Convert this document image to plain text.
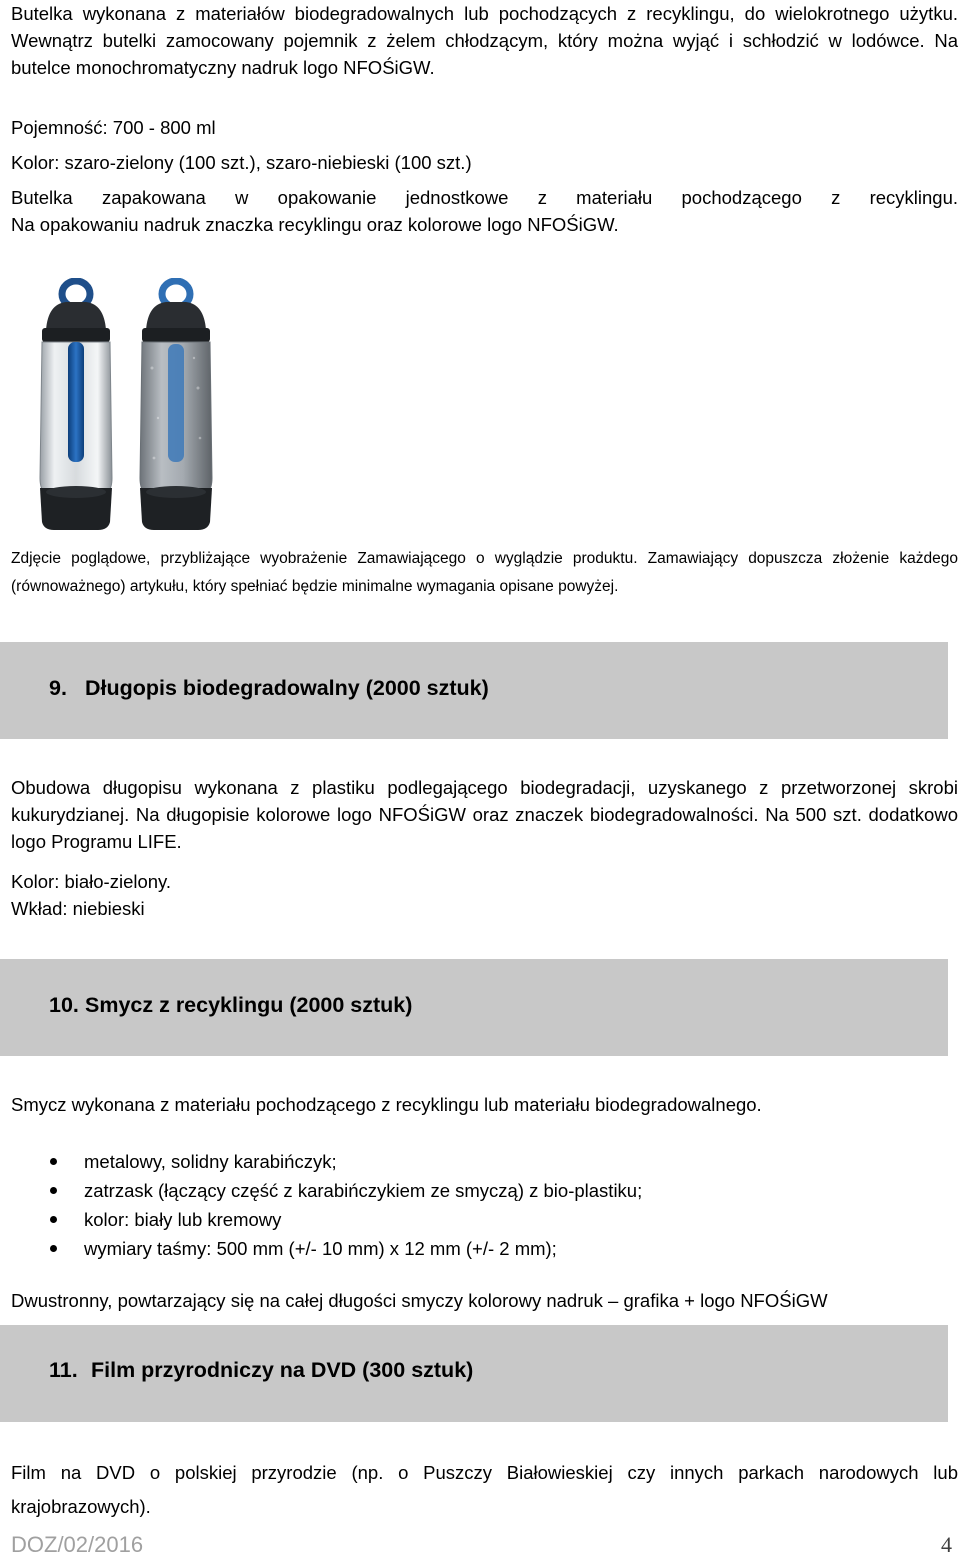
Butelka wykonana z materiałów biodegradowalnych lub pochodzących z recyklingu, do wielokrotnego użytku. Wewnątrz butelki zamocowany pojemnik z żelem chłodzącym, który można wyjąć i schłodzić w lodówce. Na butelce monochromatyczny nadruk logo NFOŚiGW.

Pojemność: 700 - 800 ml

Kolor: szaro-zielony (100 szt.), szaro-niebieski (100 szt.)

Butelka zapakowana w opakowanie jednostkowe z materiału pochodzącego z recyklingu.

Na opakowaniu nadruk znaczka recyklingu oraz kolorowe logo NFOŚiGW.

Zdjęcie poglądowe, przybliżające wyobrażenie Zamawiającego o wyglądzie produktu. Zamawiający dopuszcza złożenie każdego (równoważnego) artykułu, który spełniać będzie minimalne wymagania opisane powyżej.

9. Długopis biodegradowalny (2000 sztuk)

Obudowa długopisu wykonana z plastiku podlegającego biodegradacji, uzyskanego z przetworzonej skrobi kukurydzianej. Na długopisie kolorowe logo NFOŚiGW oraz znaczek biodegradowalności. Na 500 szt. dodatkowo logo Programu LIFE.

Kolor: biało-zielony.

Wkład: niebieski

10. Smycz z recyklingu (2000 sztuk)

Smycz wykonana z materiału pochodzącego z recyklingu lub materiału biodegradowalnego.

metalowy, solidny karabińczyk;
zatrzask (łączący część z karabińczykiem ze smyczą) z bio-plastiku;
kolor: biały lub kremowy
wymiary taśmy: 500 mm (+/- 10 mm) x 12 mm (+/- 2 mm);

Dwustronny, powtarzający się na całej długości smyczy kolorowy nadruk – grafika + logo NFOŚiGW

11. Film przyrodniczy na DVD (300 sztuk)

Film na DVD o polskiej przyrodzie (np. o Puszczy Białowieskiej czy innych parkach narodowych lub krajobrazowych).

DOZ/02/2016	4
